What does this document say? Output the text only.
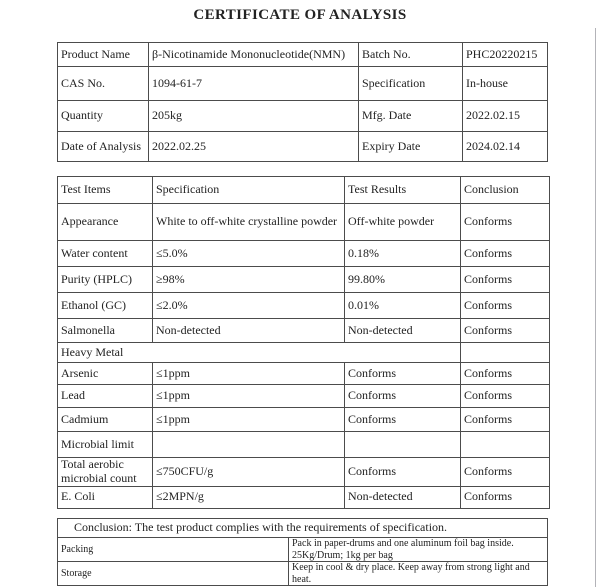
CERTIFICATE OF ANALYSIS
Product Name	β-Nicotinamide Mononucleotide(NMN)	Batch No.	PHC20220215
CAS No.	1094-61-7	Specification	In-house
Quantity	205kg	Mfg. Date	2022.02.15
Date of Analysis	2022.02.25	Expiry Date	2024.02.14
Test Items	Specification	Test Results	Conclusion
Appearance	White to off-white crystalline powder	Off-white powder	Conforms
Water content	≤5.0%	0.18%	Conforms
Purity (HPLC)	≥98%	99.80%	Conforms
Ethanol (GC)	≤2.0%	0.01%	Conforms
Salmonella	Non-detected	Non-detected	Conforms
Heavy Metal			
Arsenic	≤1ppm	Conforms	Conforms
Lead	≤1ppm	Conforms	Conforms
Cadmium	≤1ppm	Conforms	Conforms
Microbial limit			
Total aerobic microbial count	≤750CFU/g	Conforms	Conforms
E. Coli	≤2MPN/g	Non-detected	Conforms
Conclusion: The test product complies with the requirements of specification.	
Packing	Pack in paper-drums and one aluminum foil bag inside. 25Kg/Drum; 1kg per bag
Storage	Keep in cool & dry place. Keep away from strong light and heat.
